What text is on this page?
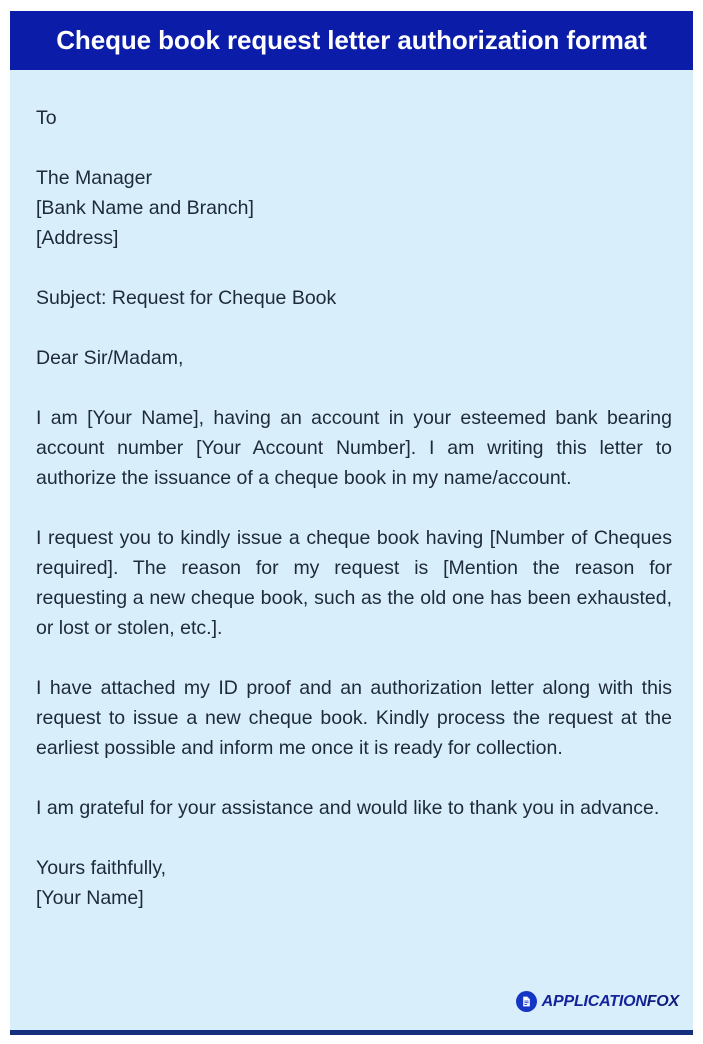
Cheque book request letter authorization format

To

The Manager
[Bank Name and Branch]
[Address]

Subject: Request for Cheque Book

Dear Sir/Madam,

I am [Your Name], having an account in your esteemed bank bearing account number [Your Account Number]. I am writing this letter to authorize the issuance of a cheque book in my name/account.

I request you to kindly issue a cheque book having [Number of Cheques required]. The reason for my request is [Mention the reason for requesting a new cheque book, such as the old one has been exhausted, or lost or stolen, etc.].

I have attached my ID proof and an authorization letter along with this request to issue a new cheque book. Kindly process the request at the earliest possible and inform me once it is ready for collection.

I am grateful for your assistance and would like to thank you in advance.

Yours faithfully,
[Your Name]

APPLICATIONFOX
